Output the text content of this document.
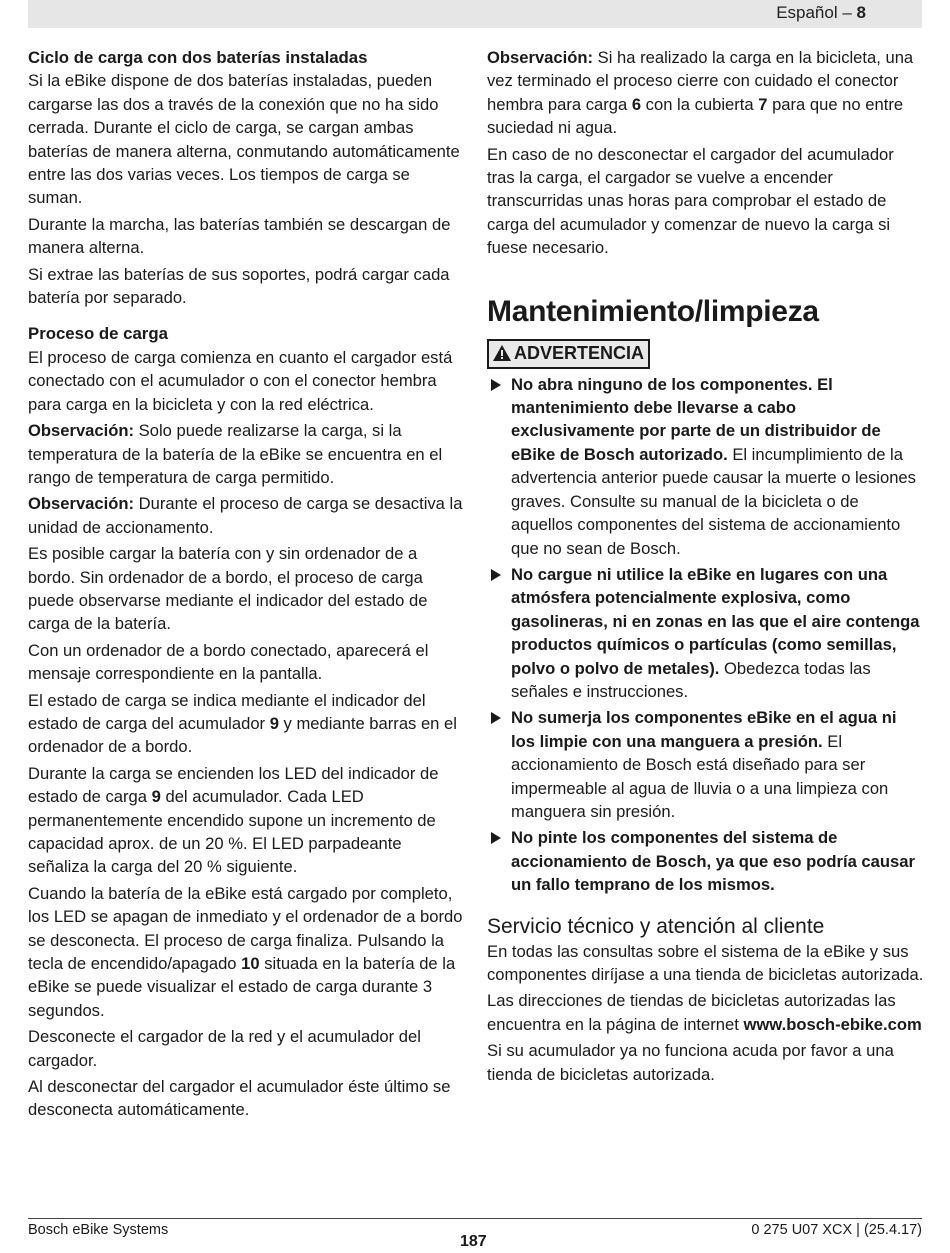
Español – 8
Ciclo de carga con dos baterías instaladas

Si la eBike dispone de dos baterías instaladas, pueden cargarse las dos a través de la conexión que no ha sido cerrada. Durante el ciclo de carga, se cargan ambas baterías de manera alterna, conmutando automáticamente entre las dos varias veces. Los tiempos de carga se suman.

Durante la marcha, las baterías también se descargan de manera alterna.

Si extrae las baterías de sus soportes, podrá cargar cada batería por separado.

Proceso de carga

El proceso de carga comienza en cuanto el cargador está conectado con el acumulador o con el conector hembra para carga en la bicicleta y con la red eléctrica.

Observación: Solo puede realizarse la carga, si la temperatura de la batería de la eBike se encuentra en el rango de temperatura de carga permitido.

Observación: Durante el proceso de carga se desactiva la unidad de accionamento.

Es posible cargar la batería con y sin ordenador de a bordo. Sin ordenador de a bordo, el proceso de carga puede observarse mediante el indicador del estado de carga de la batería.

Con un ordenador de a bordo conectado, aparecerá el mensaje correspondiente en la pantalla.

El estado de carga se indica mediante el indicador del estado de carga del acumulador 9 y mediante barras en el ordenador de a bordo.

Durante la carga se encienden los LED del indicador de estado de carga 9 del acumulador. Cada LED permanentemente encendido supone un incremento de capacidad aprox. de un 20 %. El LED parpadeante señaliza la carga del 20 % siguiente.

Cuando la batería de la eBike está cargado por completo, los LED se apagan de inmediato y el ordenador de a bordo se desconecta. El proceso de carga finaliza. Pulsando la tecla de encendido/apagado 10 situada en la batería de la eBike se puede visualizar el estado de carga durante 3 segundos.

Desconecte el cargador de la red y el acumulador del cargador.

Al desconectar del cargador el acumulador éste último se desconecta automáticamente.

Observación: Si ha realizado la carga en la bicicleta, una vez terminado el proceso cierre con cuidado el conector hembra para carga 6 con la cubierta 7 para que no entre suciedad ni agua.

En caso de no desconectar el cargador del acumulador tras la carga, el cargador se vuelve a encender transcurridas unas horas para comprobar el estado de carga del acumulador y comenzar de nuevo la carga si fuese necesario.

Mantenimiento/limpieza
ADVERTENCIA

No abra ninguno de los componentes. El mantenimiento debe llevarse a cabo exclusivamente por parte de un distribuidor de eBike de Bosch autorizado. El incumplimiento de la advertencia anterior puede causar la muerte o lesiones graves. Consulte su manual de la bicicleta o de aquellos componentes del sistema de accionamiento que no sean de Bosch.

No cargue ni utilice la eBike en lugares con una atmósfera potencialmente explosiva, como gasolineras, ni en zonas en las que el aire contenga productos químicos o partículas (como semillas, polvo o polvo de metales). Obedezca todas las señales e instrucciones.

No sumerja los componentes eBike en el agua ni los limpie con una manguera a presión. El accionamiento de Bosch está diseñado para ser impermeable al agua de lluvia o a una limpieza con manguera sin presión.

No pinte los componentes del sistema de accionamiento de Bosch, ya que eso podría causar un fallo temprano de los mismos.

Servicio técnico y atención al cliente

En todas las consultas sobre el sistema de la eBike y sus componentes diríjase a una tienda de bicicletas autorizada.

Las direcciones de tiendas de bicicletas autorizadas las encuentra en la página de internet www.bosch-ebike.com

Si su acumulador ya no funciona acuda por favor a una tienda de bicicletas autorizada.

Bosch eBike Systems
187
0 275 U07 XCX | (25.4.17)
